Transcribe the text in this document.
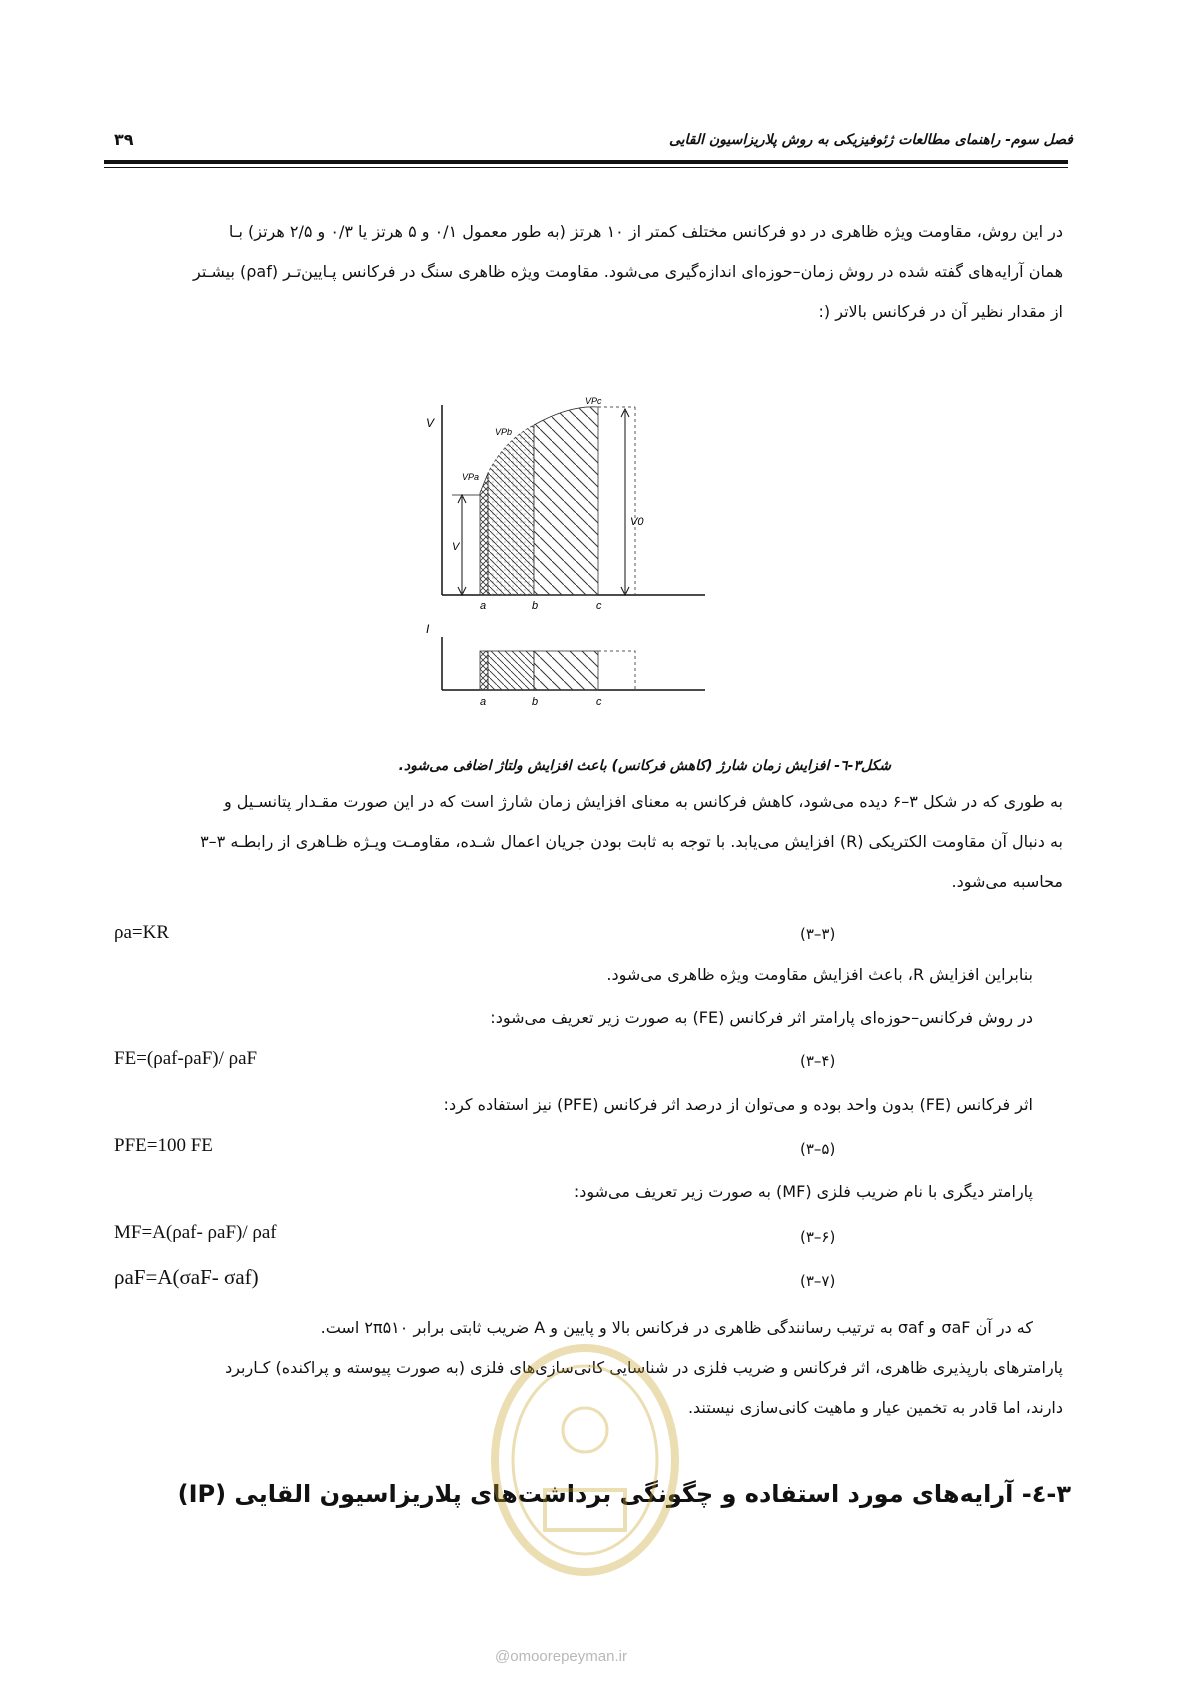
فصل سوم- راهنمای مطالعات ژئوفیزیکی به روش پلاریزاسیون القایی
۳۹
در این روش، مقاومت ویژه ظاهری در دو فرکانس مختلف کمتر از ۱۰ هرتز (به طور معمول ۰/۱ و ۵ هرتز یا ۰/۳ و ۲/۵ هرتز) بـا
همان آرایه‌های گفته شده در روش زمان–حوزه‌ای اندازه‌گیری می‌شود. مقاومت ویژه ظاهری سنگ در فرکانس پـایین‌تـر (ρaf) بیشـتر
از مقدار نظیر آن در فرکانس بالاتر (:
V
V
V0
VPa
VPb
VPc
a	b	c
I
a	b	c
شکل۳-٦- افزایش زمان شارژ (کاهش فرکانس) باعث افزایش ولتاژ اضافی می‌شود.
به طوری که در شکل ۳–۶ دیده می‌شود، کاهش فرکانس به معنای افزایش زمان شارژ است که در این صورت مقـدار پتانسـیل و
به دنبال آن مقاومت الکتریکی (R) افزایش می‌یابد. با توجه به ثابت بودن جریان اعمال شـده، مقاومـت ویـژه ظـاهری از رابطـه ۳–۳
محاسبه می‌شود.
ρa=KR	(۳–۳)
بنابراین افزایش R، باعث افزایش مقاومت ویژه ظاهری می‌شود.
در روش فرکانس–حوزه‌ای پارامتر اثر فرکانس (FE) به صورت زیر تعریف می‌شود:
FE=(ρaf-ρaF)/ ρaF	(۴–۳)
اثر فرکانس (FE) بدون واحد بوده و می‌توان از درصد اثر فرکانس (PFE) نیز استفاده کرد:
PFE=100 FE	(۵–۳)
پارامتر دیگری با نام ضریب فلزی (MF) به صورت زیر تعریف می‌شود:
MF=A(ρaf- ρaF)/ ρaf	(۶–۳)
ρaF=A(σaF- σaf)	(۷–۳)
که در آن σaF و σaf به ترتیب رسانندگی ظاهری در فرکانس بالا و پایین و A ضریب ثابتی برابر ۲π۵‎۱۰ است.
پارامترهای بارپذیری ظاهری، اثر فرکانس و ضریب فلزی در شناسایی کانی‌سازی‌های فلزی (به صورت پیوسته و پراکنده) کـاربرد
دارند، اما قادر به تخمین عیار و ماهیت کانی‌سازی نیستند.
۳-٤- آرایه‌های مورد استفاده و چگونگی برداشت‌های پلاریزاسیون القایی (IP)
@omoorepeyman.ir
